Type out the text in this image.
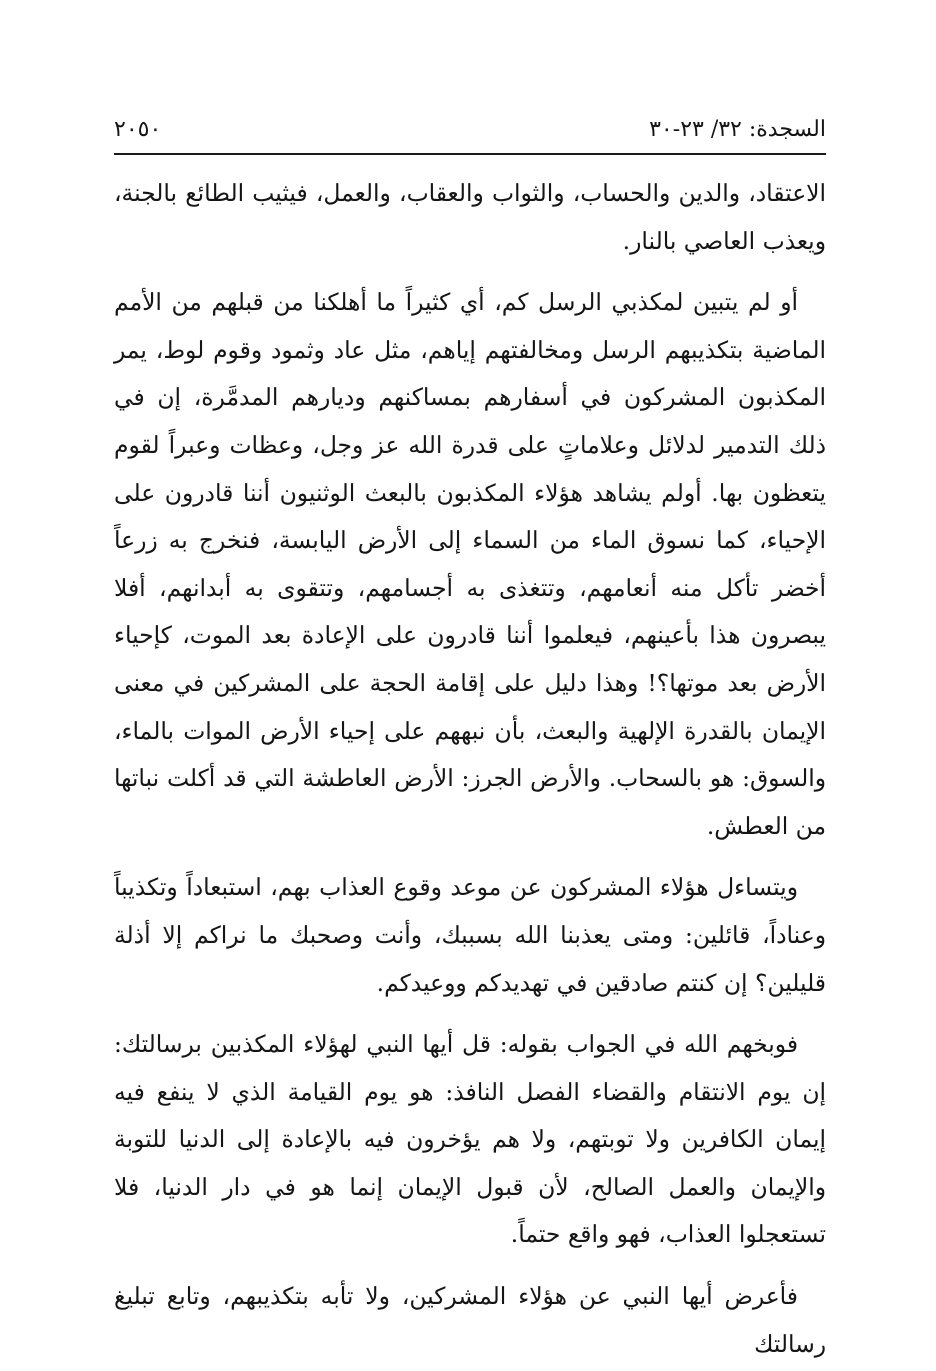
السجدة: ٣٢/ ٢٣-٣٠
٢٠٥٠

الاعتقاد، والدين والحساب، والثواب والعقاب، والعمل، فيثيب الطائع بالجنة، ويعذب العاصي بالنار.

أو لم يتبين لمكذبي الرسل كم، أي كثيراً ما أهلكنا من قبلهم من الأمم الماضية بتكذيبهم الرسل ومخالفتهم إياهم، مثل عاد وثمود وقوم لوط، يمر المكذبون المشركون في أسفارهم بمساكنهم وديارهم المدمَّرة، إن في ذلك التدمير لدلائل وعلاماتٍ على قدرة الله عز وجل، وعظات وعبراً لقوم يتعظون بها. أولم يشاهد هؤلاء المكذبون بالبعث الوثنيون أننا قادرون على الإحياء، كما نسوق الماء من السماء إلى الأرض اليابسة، فنخرج به زرعاً أخضر تأكل منه أنعامهم، وتتغذى به أجسامهم، وتتقوى به أبدانهم، أفلا يبصرون هذا بأعينهم، فيعلموا أننا قادرون على الإعادة بعد الموت، كإحياء الأرض بعد موتها؟! وهذا دليل على إقامة الحجة على المشركين في معنى الإيمان بالقدرة الإلهية والبعث، بأن نبههم على إحياء الأرض الموات بالماء، والسوق: هو بالسحاب. والأرض الجرز: الأرض العاطشة التي قد أكلت نباتها من العطش.

ويتساءل هؤلاء المشركون عن موعد وقوع العذاب بهم، استبعاداً وتكذيباً وعناداً، قائلين: ومتى يعذبنا الله بسببك، وأنت وصحبك ما نراكم إلا أذلة قليلين؟ إن كنتم صادقين في تهديدكم ووعيدكم.

فوبخهم الله في الجواب بقوله: قل أيها النبي لهؤلاء المكذبين برسالتك: إن يوم الانتقام والقضاء الفصل النافذ: هو يوم القيامة الذي لا ينفع فيه إيمان الكافرين ولا توبتهم، ولا هم يؤخرون فيه بالإعادة إلى الدنيا للتوبة والإيمان والعمل الصالح، لأن قبول الإيمان إنما هو في دار الدنيا، فلا تستعجلوا العذاب، فهو واقع حتماً.

فأعرض أيها النبي عن هؤلاء المشركين، ولا تأبه بتكذيبهم، وتابع تبليغ رسالتك
